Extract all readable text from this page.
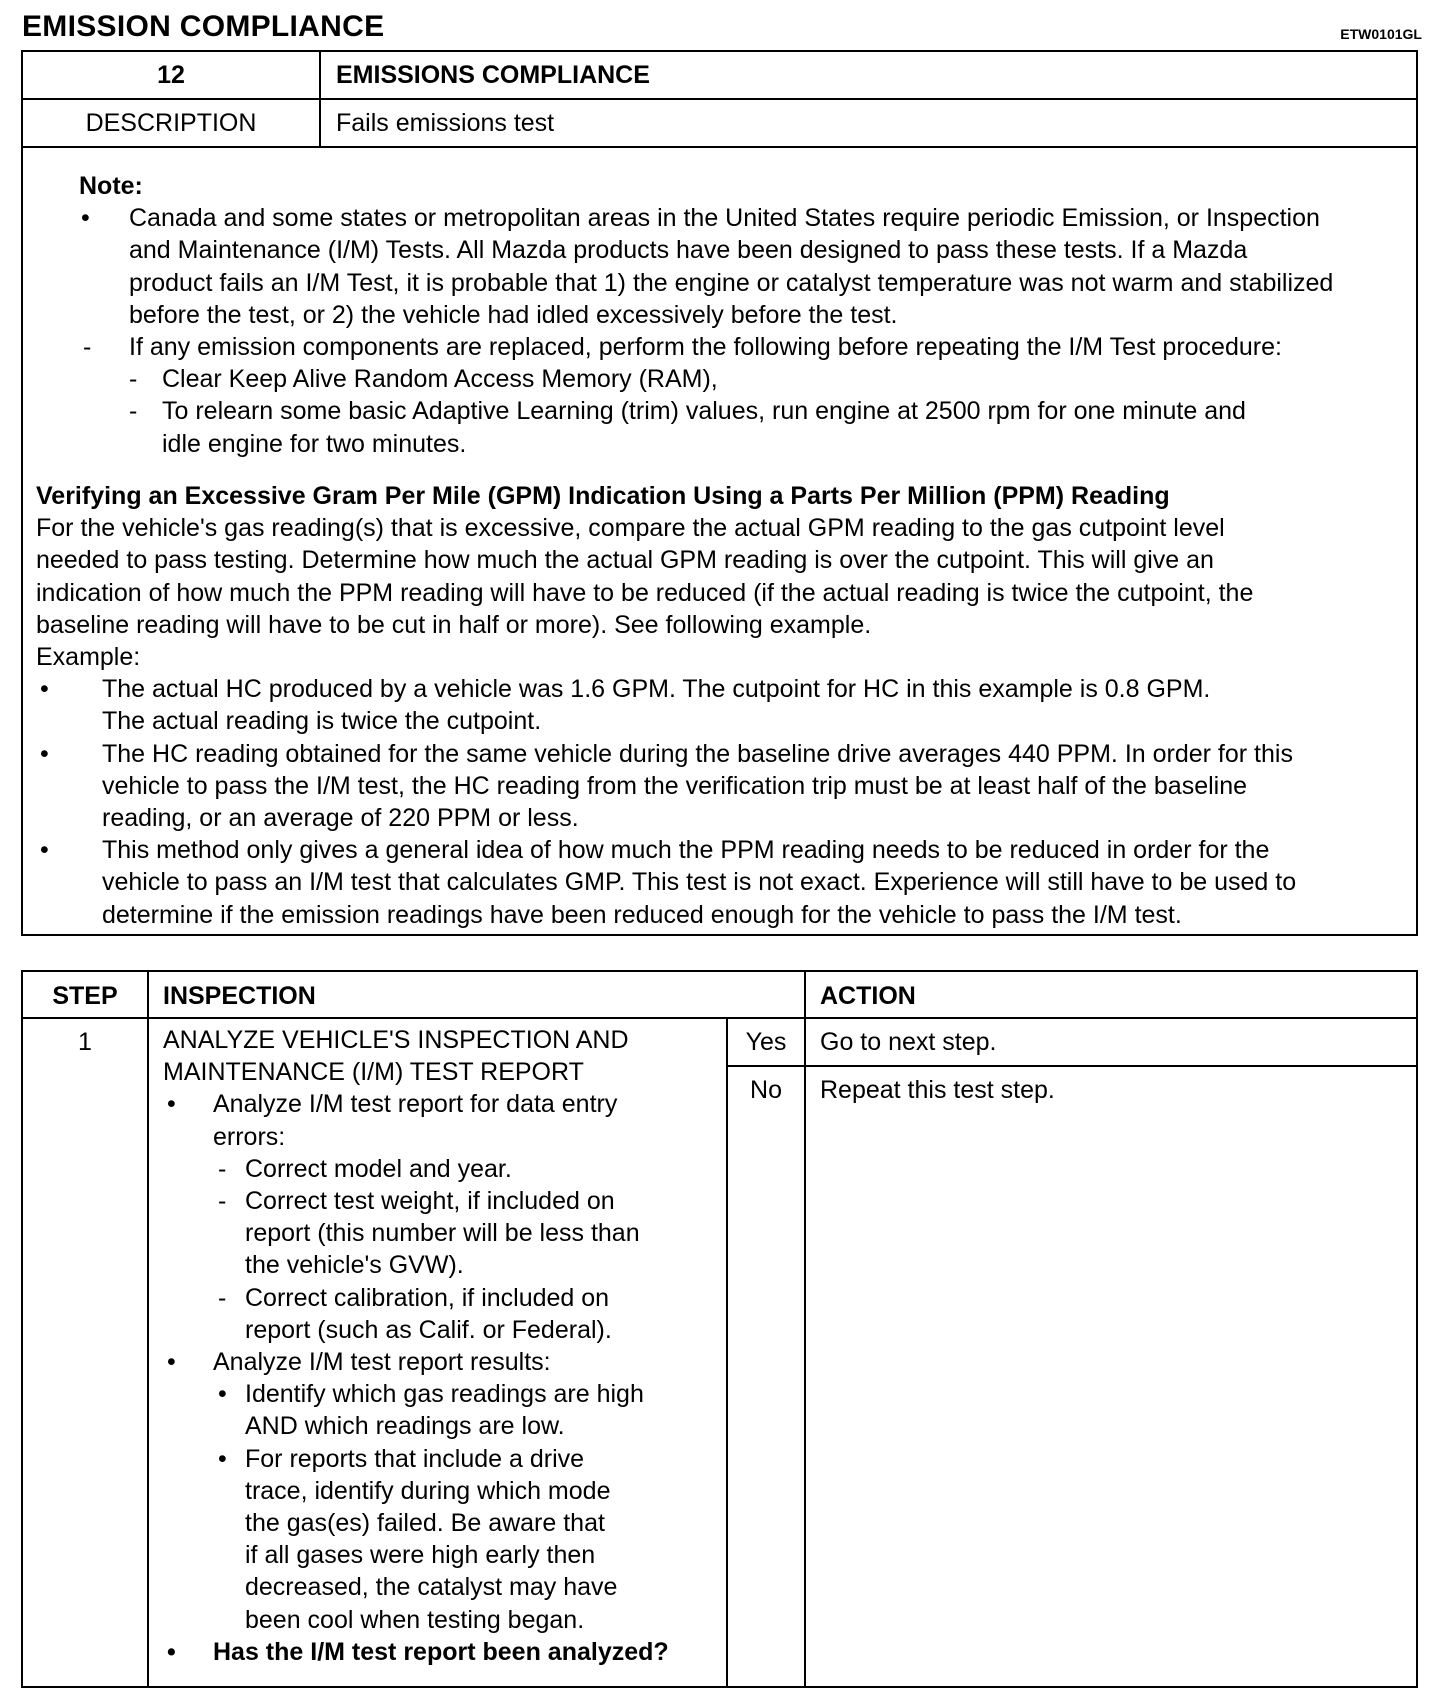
EMISSION COMPLIANCE	ETW0101GL
12	EMISSIONS COMPLIANCE
DESCRIPTION	Fails emissions test
Note:
•	Canada and some states or metropolitan areas in the United States require periodic Emission, or Inspection
and Maintenance (I/M) Tests. All Mazda products have been designed to pass these tests. If a Mazda
product fails an I/M Test, it is probable that 1) the engine or catalyst temperature was not warm and stabilized
before the test, or 2) the vehicle had idled excessively before the test.
-	If any emission components are replaced, perform the following before repeating the I/M Test procedure:
- Clear Keep Alive Random Access Memory (RAM),
- To relearn some basic Adaptive Learning (trim) values, run engine at 2500 rpm for one minute and
idle engine for two minutes.
Verifying an Excessive Gram Per Mile (GPM) Indication Using a Parts Per Million (PPM) Reading
For the vehicle's gas reading(s) that is excessive, compare the actual GPM reading to the gas cutpoint level
needed to pass testing. Determine how much the actual GPM reading is over the cutpoint. This will give an
indication of how much the PPM reading will have to be reduced (if the actual reading is twice the cutpoint, the
baseline reading will have to be cut in half or more). See following example.
Example:
•	The actual HC produced by a vehicle was 1.6 GPM. The cutpoint for HC in this example is 0.8 GPM.
The actual reading is twice the cutpoint.
•	The HC reading obtained for the same vehicle during the baseline drive averages 440 PPM. In order for this
vehicle to pass the I/M test, the HC reading from the verification trip must be at least half of the baseline
reading, or an average of 220 PPM or less.
•	This method only gives a general idea of how much the PPM reading needs to be reduced in order for the
vehicle to pass an I/M test that calculates GMP. This test is not exact. Experience will still have to be used to
determine if the emission readings have been reduced enough for the vehicle to pass the I/M test.
STEP	INSPECTION	ACTION
1	ANALYZE VEHICLE'S INSPECTION AND
MAINTENANCE (I/M) TEST REPORT
•	Analyze I/M test report for data entry
errors:
- Correct model and year.
- Correct test weight, if included on
report (this number will be less than
the vehicle's GVW).
- Correct calibration, if included on
report (such as Calif. or Federal).
•	Analyze I/M test report results:
• Identify which gas readings are high
AND which readings are low.
• For reports that include a drive
trace, identify during which mode
the gas(es) failed. Be aware that
if all gases were high early then
decreased, the catalyst may have
been cool when testing began.
•	Has the I/M test report been analyzed?
Yes	Go to next step.
No	Repeat this test step.
